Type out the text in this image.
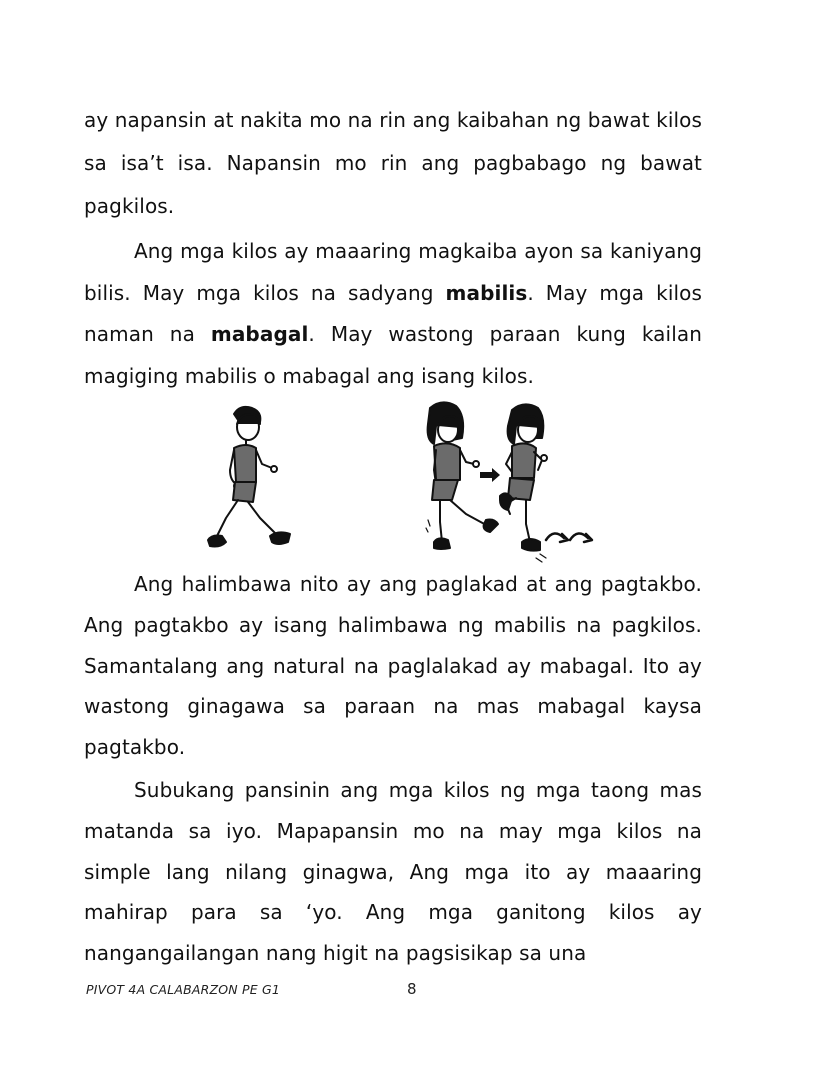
ay napansin at nakita mo na rin ang kaibahan ng bawat kilos sa isa’t isa. Napansin mo rin ang pagbabago ng bawat pagkilos.

Ang mga kilos ay maaaring magkaiba ayon sa kaniyang bilis. May mga kilos na sadyang mabilis. May mga kilos naman na mabagal. May wastong paraan kung kailan magiging mabilis o mabagal ang isang kilos.

Ang halimbawa nito ay ang paglakad at ang pagtakbo. Ang pagtakbo ay isang halimbawa ng mabilis na pagkilos. Samantalang ang natural na paglalakad ay mabagal. Ito ay wastong ginagawa sa paraan na mas mabagal kaysa pagtakbo.

Subukang pansinin ang mga kilos ng mga taong mas matanda sa iyo. Mapapansin mo na may mga kilos na simple lang nilang ginagwa, Ang mga ito ay maaaring mahirap para sa ‘yo. Ang mga ganitong kilos ay nangangailangan nang higit na pagsisikap sa una

PIVOT 4A CALABARZON PE G1	8
